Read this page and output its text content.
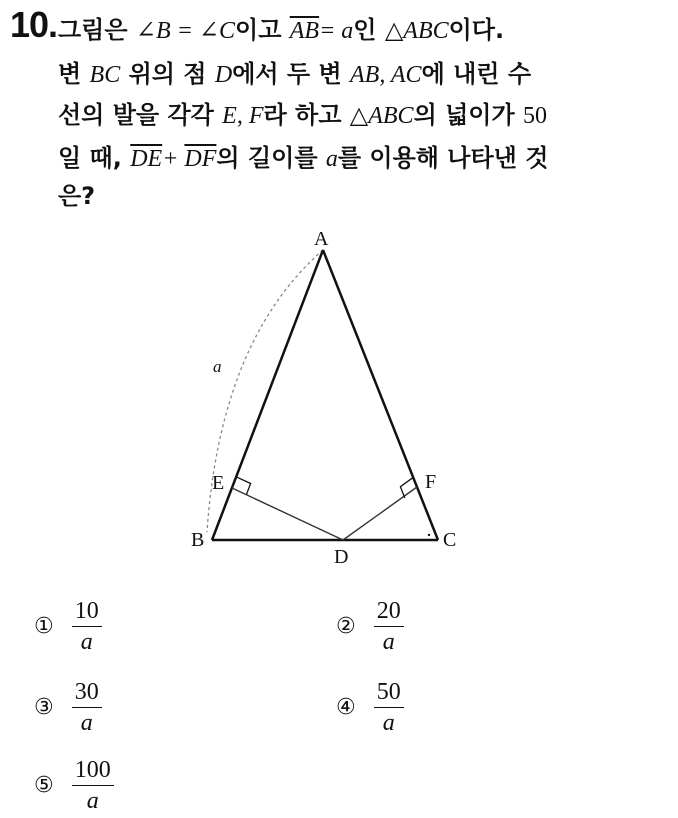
10. 그림은 ∠B = ∠C이고 $\overline{AB}= a$인 △ABC이다.
변 BC 위의 점 D에서 두 변 AB, AC에 내린 수
선의 발을 각각 E, F라 하고 △ABC의 넓이가 50
일 때, $\overline{DE}+ \overline{DF}$의 길이를 a를 이용해 나타낸 것
은?
A
B	C
D
E	F
a
① $\frac{10}{a}$	② $\frac{20}{a}$
③ $\frac{30}{a}$	④ $\frac{50}{a}$
⑤ $\frac{100}{a}$
